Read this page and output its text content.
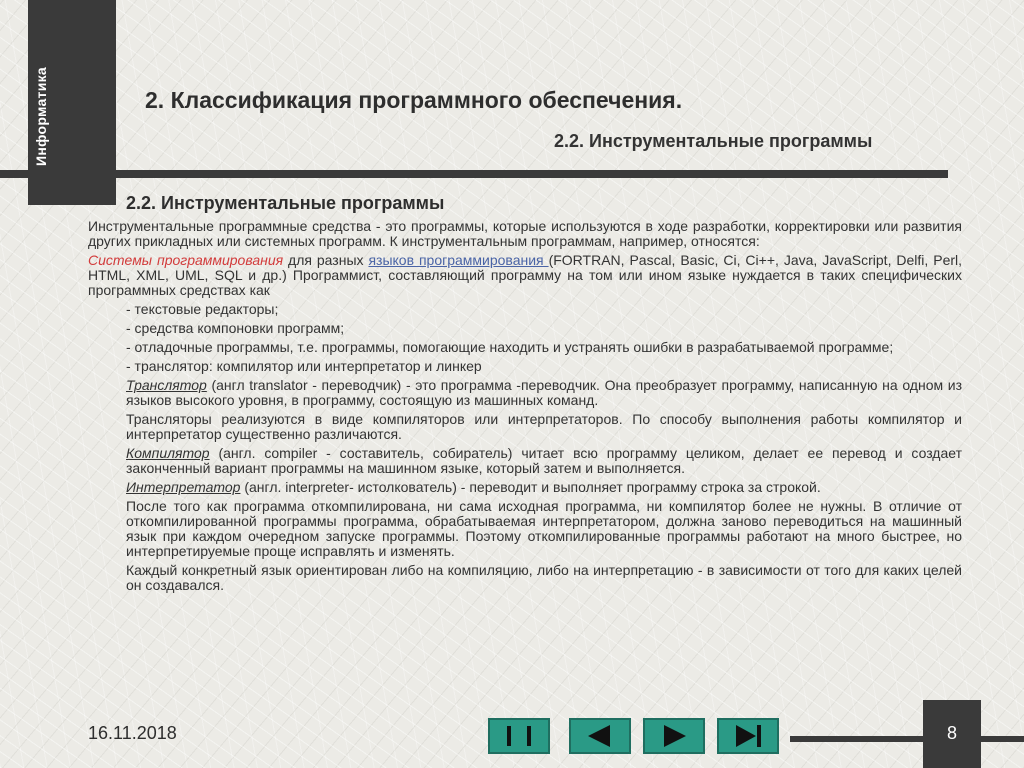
Информатика	2. Классификация программного обеспечения.
2.2. Инструментальные программы
2.2. Инструментальные программы

Инструментальные программные средства - это программы, которые используются в ходе разработки, корректировки или развития других прикладных или системных программ. К инструментальным программам, например, относятся:

Системы программирования для разных языков программирования (FORTRAN, Pascal, Basic, Ci, Ci++, Java, JavaScript, Delfi, Perl, HTML, XML, UML, SQL и др.) Программист, составляющий программу на том или ином языке нуждается в таких специфических программных средствах как

- текстовые редакторы;

- средства компоновки программ;

- отладочные программы, т.е. программы, помогающие находить и устранять ошибки в разрабатываемой программе;

- транслятор: компилятор или интерпретатор и линкер

Транслятор (англ translator - переводчик) - это программа -переводчик. Она преобразует программу, написанную на одном из языков высокого уровня, в программу, состоящую из машинных команд.

Трансляторы реализуются в виде компиляторов или интерпретаторов. По способу выполнения работы компилятор и интерпретатор существенно различаются.

Компилятор (англ. compiler - составитель, собиратель) читает всю программу целиком, делает ее перевод и создает законченный вариант программы на машинном языке, который затем и выполняется.

Интерпретатор (англ. interpreter- истолкователь) - переводит и выполняет программу строка за строкой.

После того как программа откомпилирована, ни сама исходная программа, ни компилятор более не нужны. В отличие от откомпилированной программы программа, обрабатываемая интерпретатором, должна заново переводиться на машинный язык при каждом очередном запуске программы. Поэтому откомпилированные программы работают на много быстрее, но интерпретируемые проще исправлять и изменять.

Каждый конкретный язык ориентирован либо на компиляцию, либо на интерпретацию - в зависимости от того для каких целей он создавался.

16.11.2018	8
